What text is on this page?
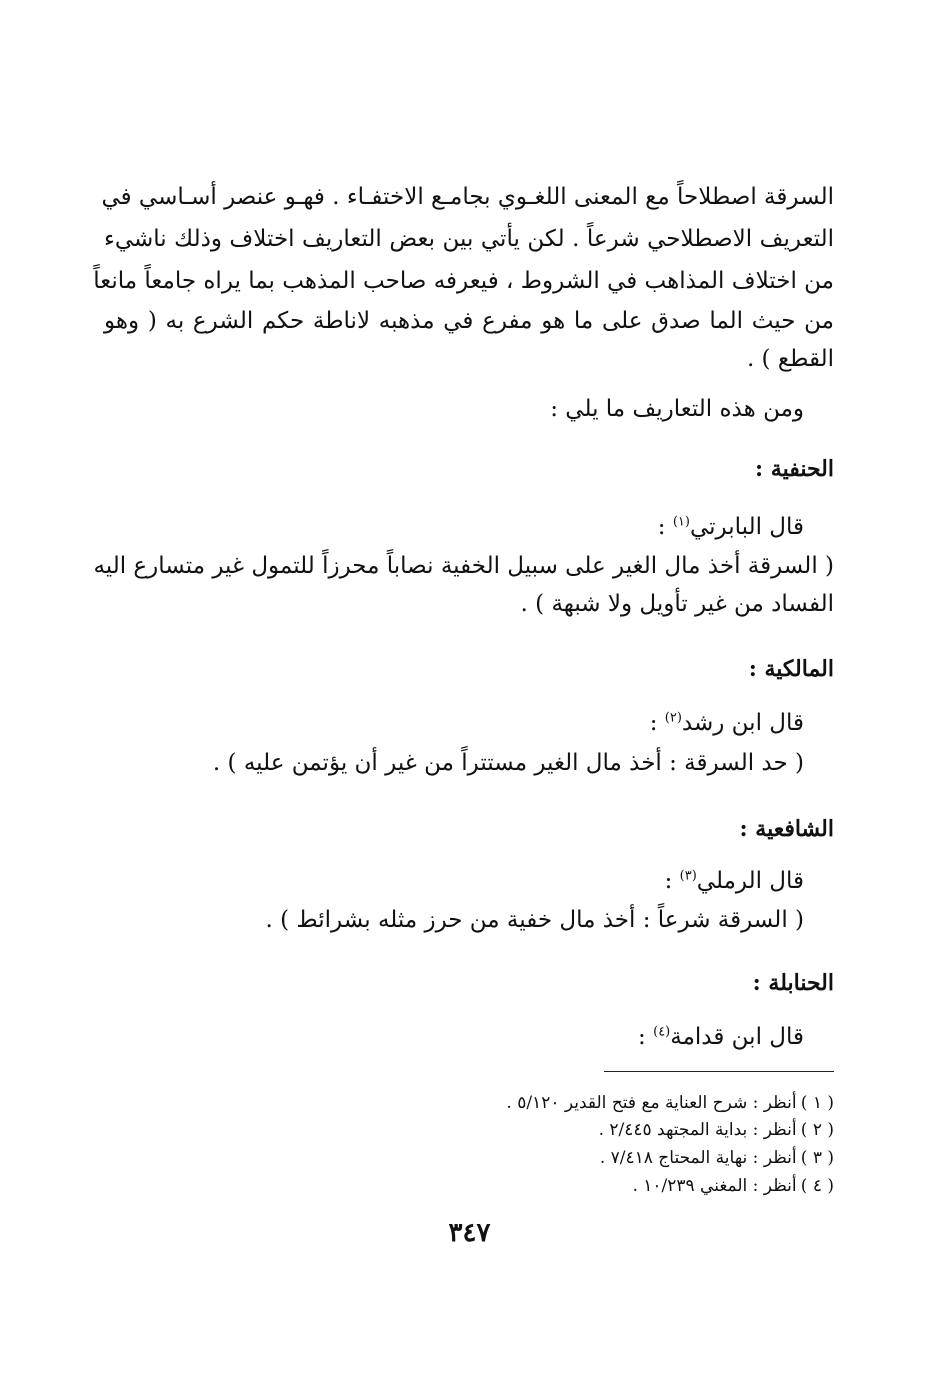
السرقة اصطلاحاً مع المعنى اللغـوي بجامـع الاختفـاء . فهـو عنصر أسـاسي في
التعريف الاصطلاحي شرعاً . لكن يأتي بين بعض التعاريف اختلاف وذلك ناشيء
من اختلاف المذاهب في الشروط ، فيعرفه صاحب المذهب بما يراه جامعاً مانعاً
من حيث الما صدق على ما هو مفرع في مذهبه لاناطة حكم الشرع به ( وهو
القطع ) .
ومن هذه التعاريف ما يلي :
الحنفية :
قال البابرتي$^{(١)}$ :
( السرقة أخذ مال الغير على سبيل الخفية نصاباً محرزاً للتمول غير متسارع اليه
الفساد من غير تأويل ولا شبهة ) .
المالكية :
قال ابن رشد$^{(٢)}$ :
( حد السرقة : أخذ مال الغير مستتراً من غير أن يؤتمن عليه ) .
الشافعية :
قال الرملي$^{(٣)}$ :
( السرقة شرعاً : أخذ مال خفية من حرز مثله بشرائط ) .
الحنابلة :
قال ابن قدامة$^{(٤)}$ :
( ١ ) أنظر : شرح العناية مع فتح القدير ٥/١٢٠ .
( ٢ ) أنظر : بداية المجتهد ٢/٤٤٥ .
( ٣ ) أنظر : نهاية المحتاج ٧/٤١٨ .
( ٤ ) أنظر : المغني ١٠/٢٣٩ .
٣٤٧
